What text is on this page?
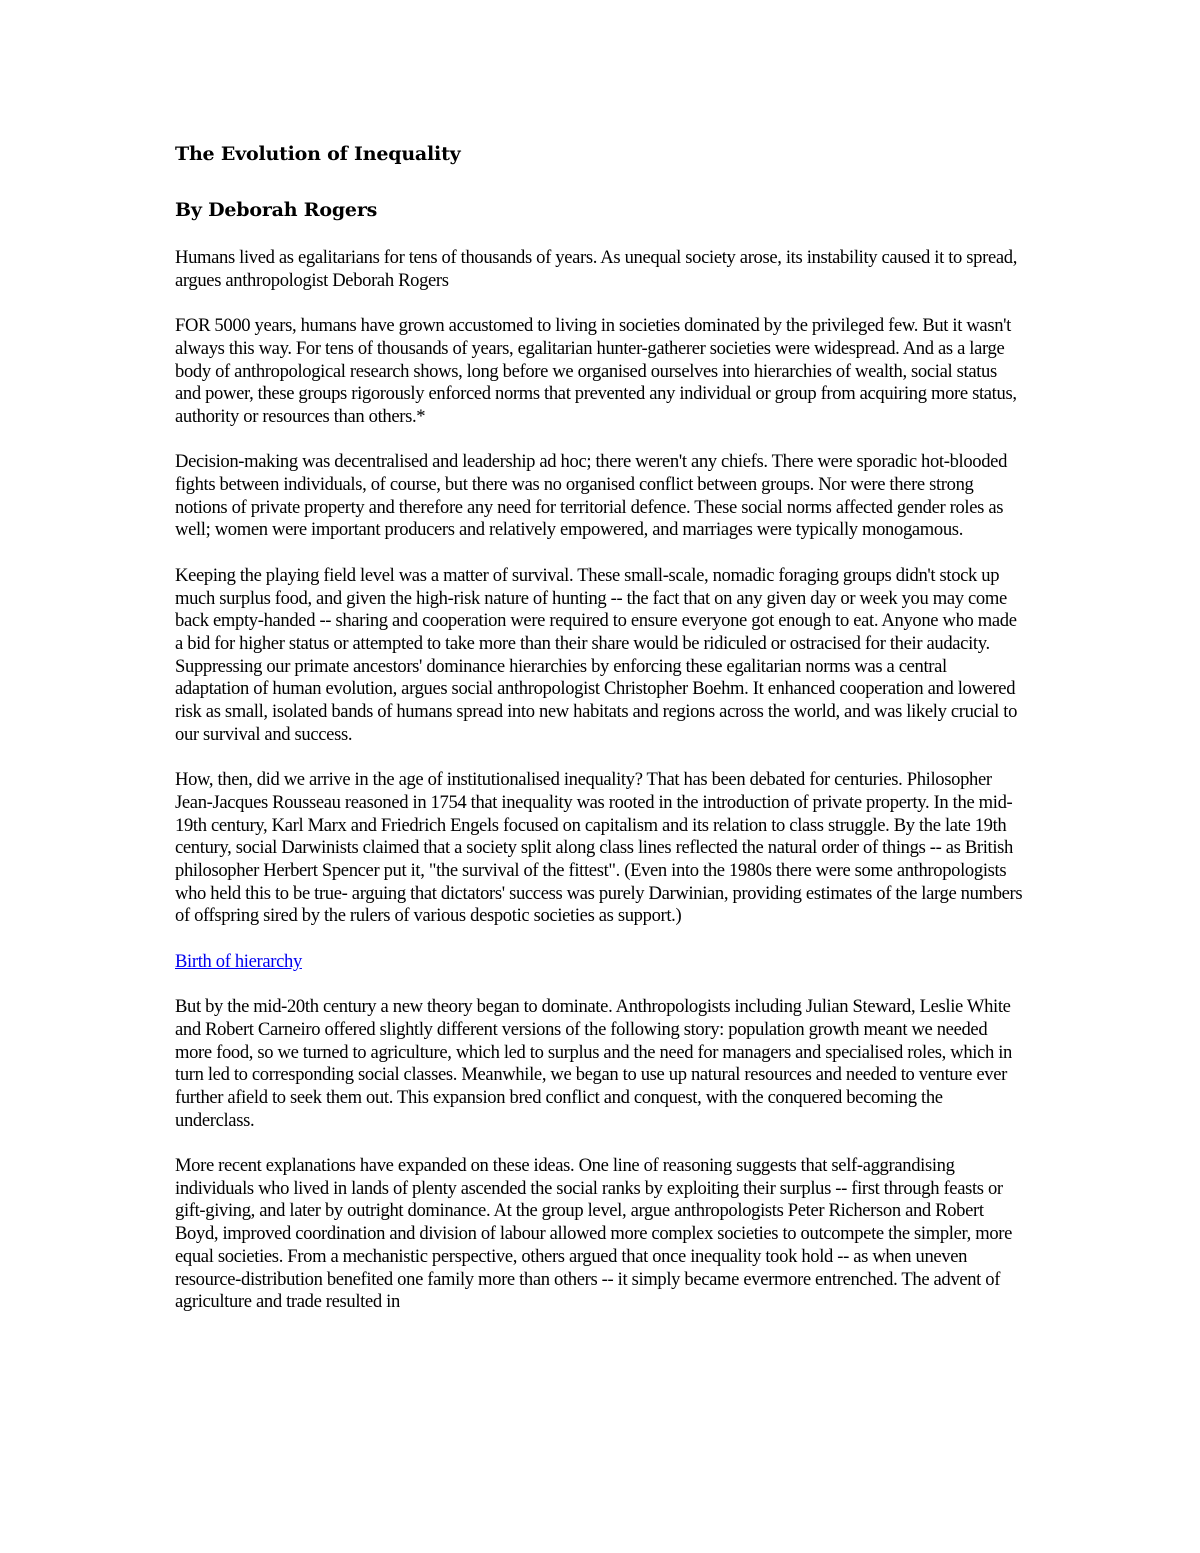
The Evolution of Inequality
By Deborah Rogers

Humans lived as egalitarians for tens of thousands of years. As unequal society arose, its instability caused it to spread, argues anthropologist Deborah Rogers

FOR 5000 years, humans have grown accustomed to living in societies dominated by the privileged few. But it wasn't always this way. For tens of thousands of years, egalitarian hunter-gatherer societies were widespread. And as a large body of anthropological research shows, long before we organised ourselves into hierarchies of wealth, social status and power, these groups rigorously enforced norms that prevented any individual or group from acquiring more status, authority or resources than others.*

Decision-making was decentralised and leadership ad hoc; there weren't any chiefs. There were sporadic hot-blooded fights between individuals, of course, but there was no organised conflict between groups. Nor were there strong notions of private property and therefore any need for territorial defence. These social norms affected gender roles as well; women were important producers and relatively empowered, and marriages were typically monogamous.

Keeping the playing field level was a matter of survival. These small-scale, nomadic foraging groups didn't stock up much surplus food, and given the high-risk nature of hunting -- the fact that on any given day or week you may come back empty-handed -- sharing and cooperation were required to ensure everyone got enough to eat. Anyone who made a bid for higher status or attempted to take more than their share would be ridiculed or ostracised for their audacity. Suppressing our primate ancestors' dominance hierarchies by enforcing these egalitarian norms was a central adaptation of human evolution, argues social anthropologist Christopher Boehm. It enhanced cooperation and lowered risk as small, isolated bands of humans spread into new habitats and regions across the world, and was likely crucial to our survival and success.

How, then, did we arrive in the age of institutionalised inequality? That has been debated for centuries. Philosopher Jean-Jacques Rousseau reasoned in 1754 that inequality was rooted in the introduction of private property. In the mid-19th century, Karl Marx and Friedrich Engels focused on capitalism and its relation to class struggle. By the late 19th century, social Darwinists claimed that a society split along class lines reflected the natural order of things -- as British philosopher Herbert Spencer put it, "the survival of the fittest". (Even into the 1980s there were some anthropologists who held this to be true- arguing that dictators' success was purely Darwinian, providing estimates of the large numbers of offspring sired by the rulers of various despotic societies as support.)

Birth of hierarchy

But by the mid-20th century a new theory began to dominate. Anthropologists including Julian Steward, Leslie White and Robert Carneiro offered slightly different versions of the following story: population growth meant we needed more food, so we turned to agriculture, which led to surplus and the need for managers and specialised roles, which in turn led to corresponding social classes. Meanwhile, we began to use up natural resources and needed to venture ever further afield to seek them out. This expansion bred conflict and conquest, with the conquered becoming the underclass.

More recent explanations have expanded on these ideas. One line of reasoning suggests that self-aggrandising individuals who lived in lands of plenty ascended the social ranks by exploiting their surplus -- first through feasts or gift-giving, and later by outright dominance. At the group level, argue anthropologists Peter Richerson and Robert Boyd, improved coordination and division of labour allowed more complex societies to outcompete the simpler, more equal societies. From a mechanistic perspective, others argued that once inequality took hold -- as when uneven resource-distribution benefited one family more than others -- it simply became evermore entrenched. The advent of agriculture and trade resulted in
